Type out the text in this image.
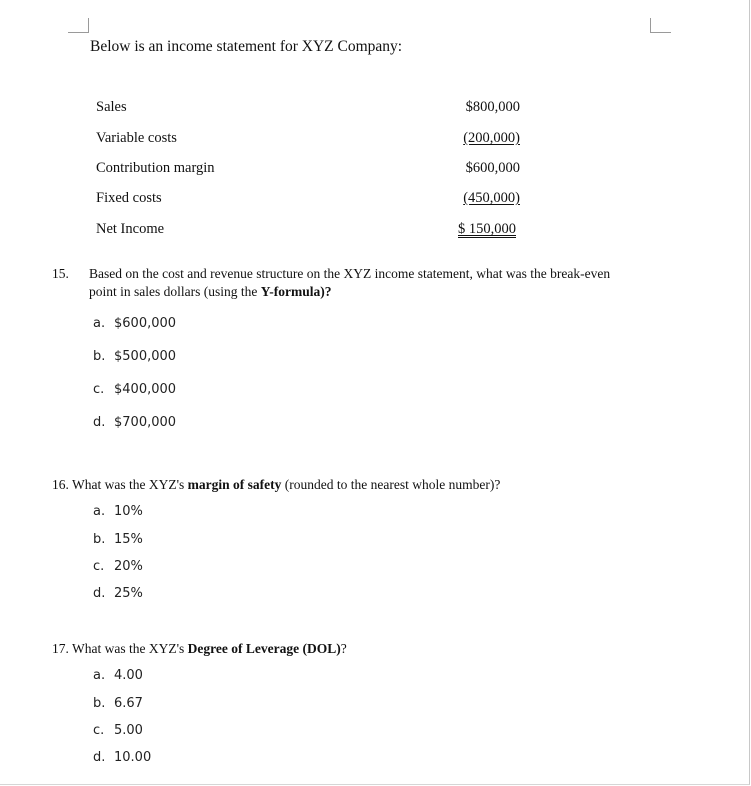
Below is an income statement for XYZ Company:
Sales	$800,000
Variable costs	(200,000)
Contribution margin	$600,000
Fixed costs	(450,000)
Net Income	$ 150,000
15. Based on the cost and revenue structure on the XYZ income statement, what was the break-even
point in sales dollars (using the Y-formula)?
a. $600,000
b. $500,000
c. $400,000
d. $700,000
16. What was the XYZ's margin of safety (rounded to the nearest whole number)?
a. 10%
b. 15%
c. 20%
d. 25%
17. What was the XYZ's Degree of Leverage (DOL)?
a. 4.00
b. 6.67
c. 5.00
d. 10.00
